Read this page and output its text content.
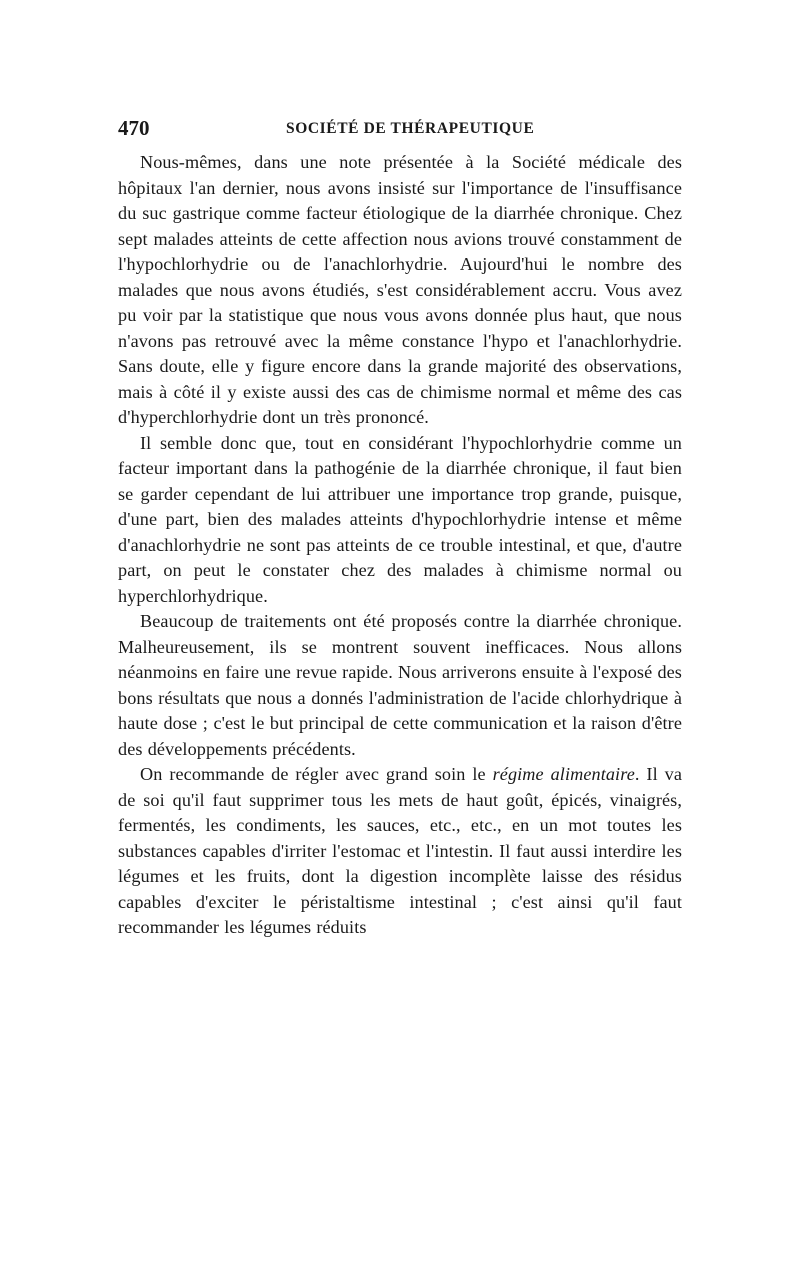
470	SOCIÉTÉ DE THÉRAPEUTIQUE

Nous-mêmes, dans une note présentée à la Société médicale des hôpitaux l'an dernier, nous avons insisté sur l'importance de l'insuffisance du suc gastrique comme facteur étiologique de la diarrhée chronique. Chez sept malades atteints de cette affection nous avions trouvé constamment de l'hypochlorhydrie ou de l'anachlorhydrie. Aujourd'hui le nombre des malades que nous avons étudiés, s'est considérablement accru. Vous avez pu voir par la statistique que nous vous avons donnée plus haut, que nous n'avons pas retrouvé avec la même constance l'hypo et l'anachlorhydrie. Sans doute, elle y figure encore dans la grande majorité des observations, mais à côté il y existe aussi des cas de chimisme normal et même des cas d'hyperchlorhydrie dont un très prononcé.

Il semble donc que, tout en considérant l'hypochlorhydrie comme un facteur important dans la pathogénie de la diarrhée chronique, il faut bien se garder cependant de lui attribuer une importance trop grande, puisque, d'une part, bien des malades atteints d'hypochlorhydrie intense et même d'anachlorhydrie ne sont pas atteints de ce trouble intestinal, et que, d'autre part, on peut le constater chez des malades à chimisme normal ou hyperchlorhydrique.

Beaucoup de traitements ont été proposés contre la diarrhée chronique. Malheureusement, ils se montrent souvent inefficaces. Nous allons néanmoins en faire une revue rapide. Nous arriverons ensuite à l'exposé des bons résultats que nous a donnés l'administration de l'acide chlorhydrique à haute dose ; c'est le but principal de cette communication et la raison d'être des développements précédents.

On recommande de régler avec grand soin le régime alimentaire. Il va de soi qu'il faut supprimer tous les mets de haut goût, épicés, vinaigrés, fermentés, les condiments, les sauces, etc., etc., en un mot toutes les substances capables d'irriter l'estomac et l'intestin. Il faut aussi interdire les légumes et les fruits, dont la digestion incomplète laisse des résidus capables d'exciter le péristaltisme intestinal ; c'est ainsi qu'il faut recommander les légumes réduits
